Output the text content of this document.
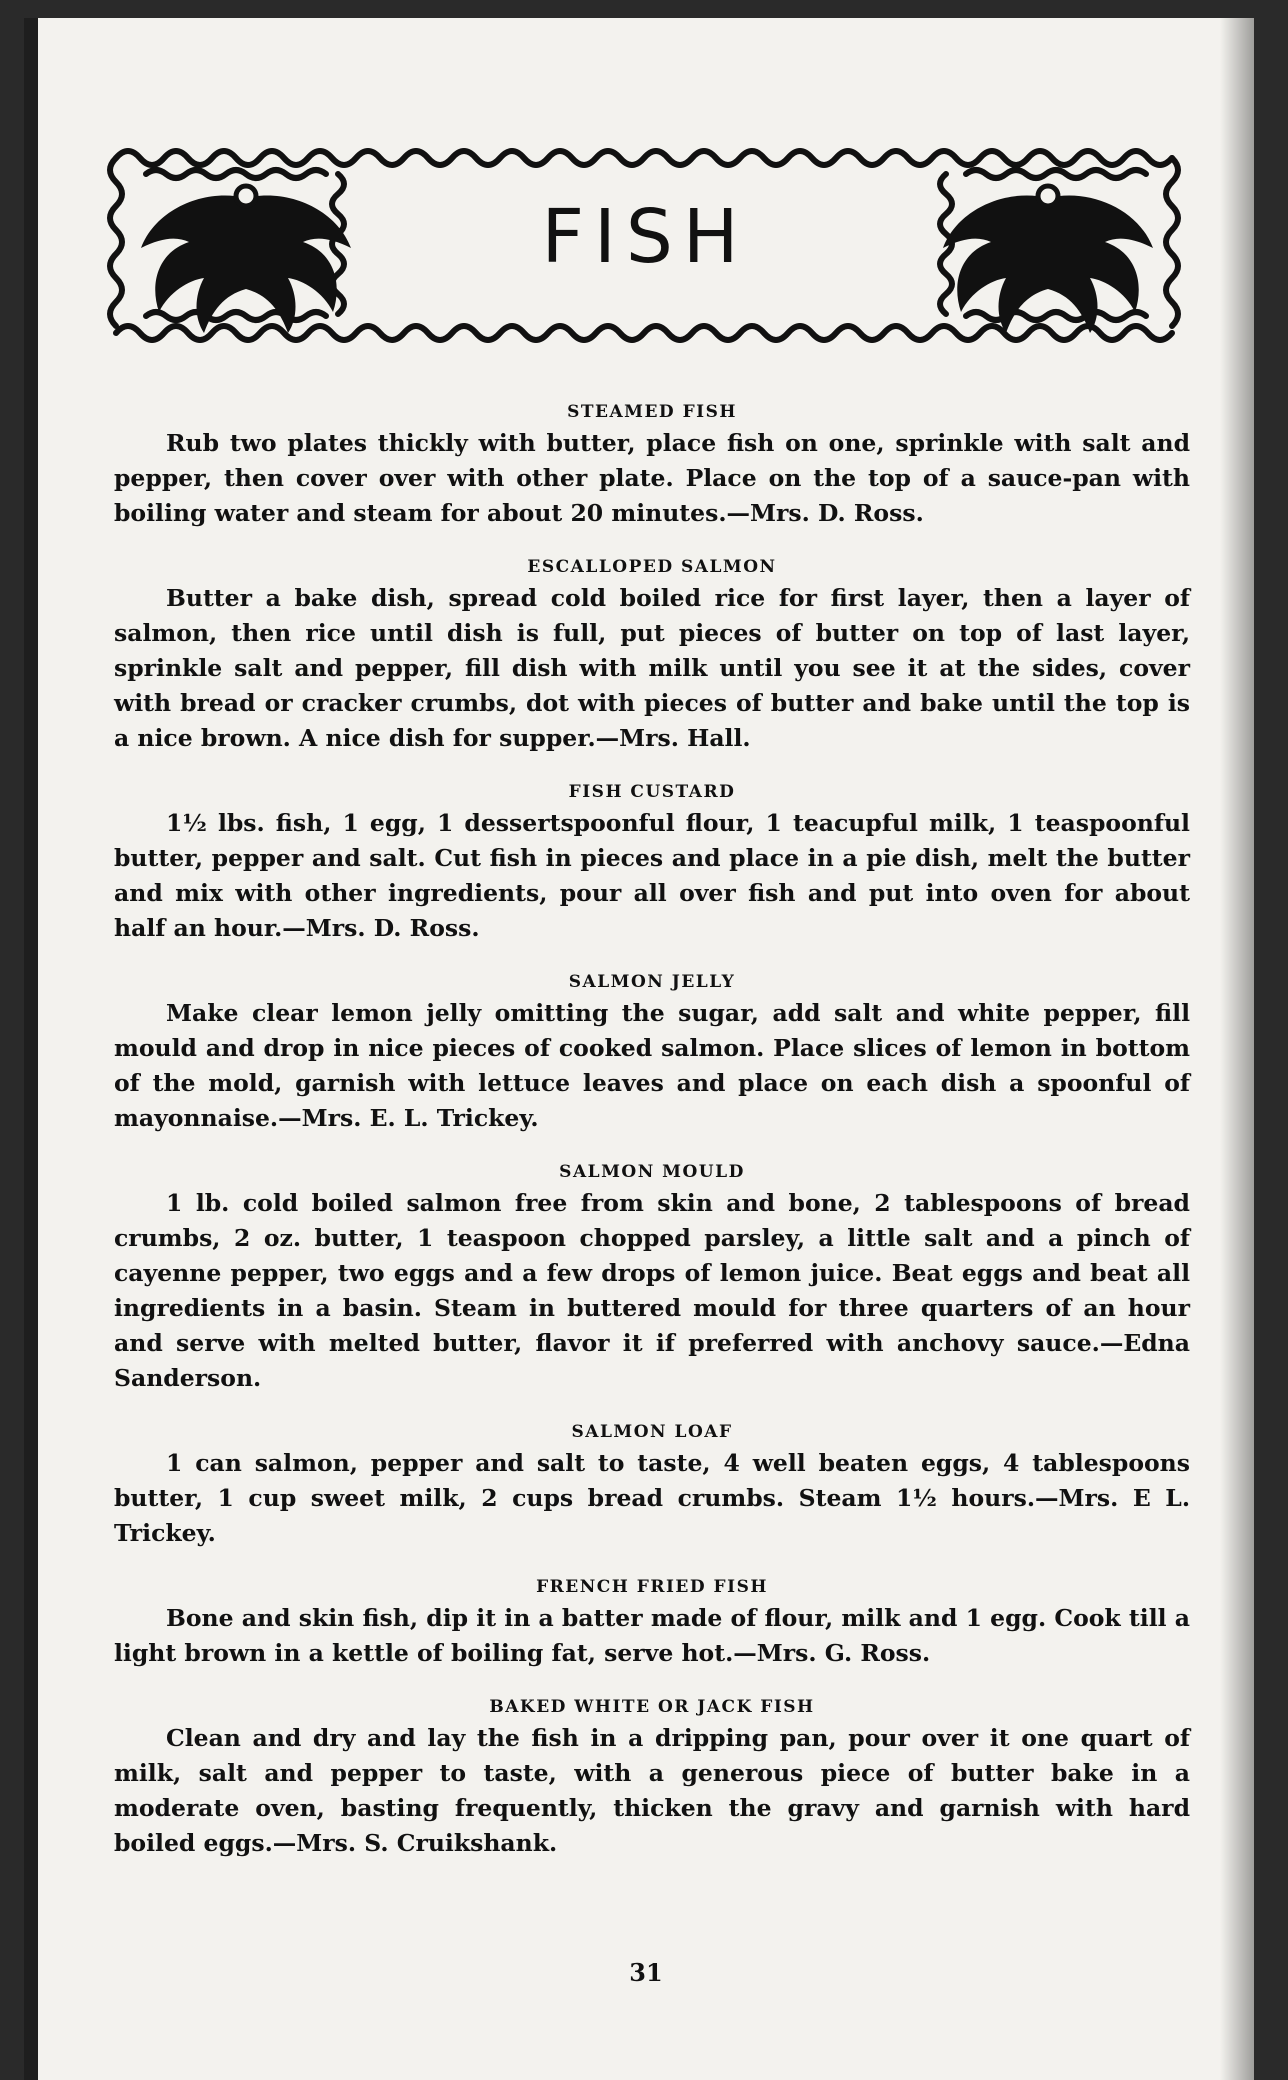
FISH
STEAMED FISH
Rub two plates thickly with butter, place fish on one, sprinkle with salt and pepper, then cover over with other plate. Place on the top of a sauce-pan with boiling water and steam for about 20 minutes.—Mrs. D. Ross.
ESCALLOPED SALMON
Butter a bake dish, spread cold boiled rice for first layer, then a layer of salmon, then rice until dish is full, put pieces of butter on top of last layer, sprinkle salt and pepper, fill dish with milk until you see it at the sides, cover with bread or cracker crumbs, dot with pieces of butter and bake until the top is a nice brown. A nice dish for supper.—Mrs. Hall.
FISH CUSTARD
1½ lbs. fish, 1 egg, 1 dessertspoonful flour, 1 teacupful milk, 1 teaspoonful butter, pepper and salt. Cut fish in pieces and place in a pie dish, melt the butter and mix with other ingredients, pour all over fish and put into oven for about half an hour.—Mrs. D. Ross.
SALMON JELLY
Make clear lemon jelly omitting the sugar, add salt and white pepper, fill mould and drop in nice pieces of cooked salmon. Place slices of lemon in bottom of the mold, garnish with lettuce leaves and place on each dish a spoonful of mayonnaise.—Mrs. E. L. Trickey.
SALMON MOULD
1 lb. cold boiled salmon free from skin and bone, 2 tablespoons of bread crumbs, 2 oz. butter, 1 teaspoon chopped parsley, a little salt and a pinch of cayenne pepper, two eggs and a few drops of lemon juice. Beat eggs and beat all ingredients in a basin. Steam in buttered mould for three quarters of an hour and serve with melted butter, flavor it if preferred with anchovy sauce.—Edna Sanderson.
SALMON LOAF
1 can salmon, pepper and salt to taste, 4 well beaten eggs, 4 tablespoons butter, 1 cup sweet milk, 2 cups bread crumbs. Steam 1½ hours.—Mrs. E L. Trickey.
FRENCH FRIED FISH
Bone and skin fish, dip it in a batter made of flour, milk and 1 egg. Cook till a light brown in a kettle of boiling fat, serve hot.—Mrs. G. Ross.
BAKED WHITE OR JACK FISH
Clean and dry and lay the fish in a dripping pan, pour over it one quart of milk, salt and pepper to taste, with a generous piece of butter bake in a moderate oven, basting frequently, thicken the gravy and garnish with hard boiled eggs.—Mrs. S. Cruikshank.
31
